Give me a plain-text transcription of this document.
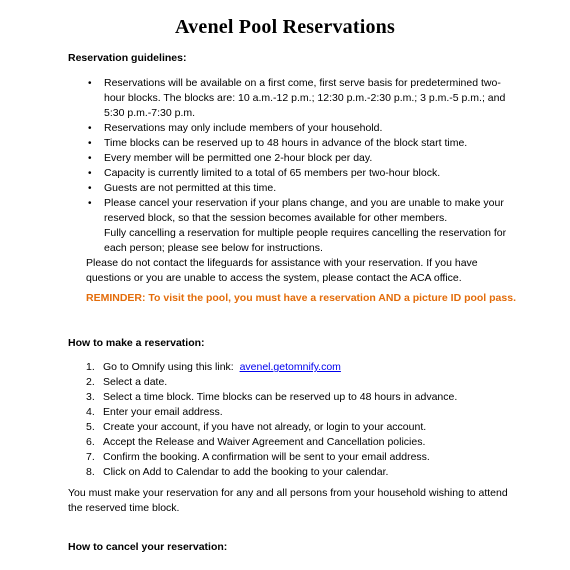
Avenel Pool Reservations
Reservation guidelines:
• Reservations will be available on a first come, first serve basis for predetermined two-
hour blocks. The blocks are: 10 a.m.-12 p.m.; 12:30 p.m.-2:30 p.m.; 3 p.m.-5 p.m.; and
5:30 p.m.-7:30 p.m.
• Reservations may only include members of your household.
• Time blocks can be reserved up to 48 hours in advance of the block start time.
• Every member will be permitted one 2-hour block per day.
• Capacity is currently limited to a total of 65 members per two-hour block.
• Guests are not permitted at this time.
• Please cancel your reservation if your plans change, and you are unable to make your
reserved block, so that the session becomes available for other members.
Fully cancelling a reservation for multiple people requires cancelling the reservation for
each person; please see below for instructions.
Please do not contact the lifeguards for assistance with your reservation. If you have
questions or you are unable to access the system, please contact the ACA office.
REMINDER: To visit the pool, you must have a reservation AND a picture ID pool pass.
How to make a reservation:
1. Go to Omnify using this link:  avenel.getomnify.com
2. Select a date.
3. Select a time block. Time blocks can be reserved up to 48 hours in advance.
4. Enter your email address.
5. Create your account, if you have not already, or login to your account.
6. Accept the Release and Waiver Agreement and Cancellation policies.
7. Confirm the booking. A confirmation will be sent to your email address.
8. Click on Add to Calendar to add the booking to your calendar.
You must make your reservation for any and all persons from your household wishing to attend
the reserved time block.
How to cancel your reservation:
